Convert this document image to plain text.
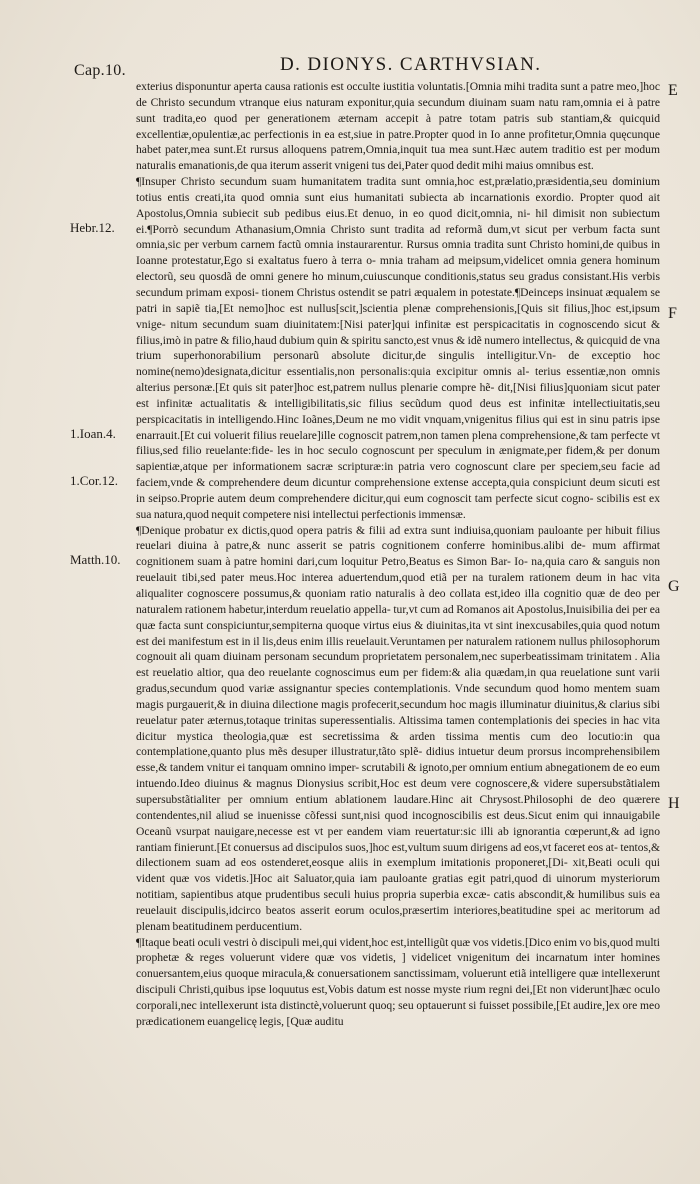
Cap.10.	D. DIONYS. CARTHVSIAN.
E
F
G
H
Hebr.12.
1.Ioan.4.
1.Cor.12.
Matth.10.

exterius disponuntur aperta causa rationis est occulte iustitia voluntatis.[Omnia mihi tradita sunt a patre meo,]hoc de Christo secundum vtranque eius naturam exponitur,quia secundum diuinam suam natu ram,omnia ei à patre sunt tradita,eo quod per generationem æternam accepit à patre totam patris sub stantiam,& quicquid excellentiæ,opulentiæ,ac perfectionis in ea est,siue in patre.Propter quod in Io anne profitetur,Omnia quęcunque habet pater,mea sunt.Et rursus alloquens patrem,Omnia,inquit tua mea sunt.Hæc autem traditio est per modum naturalis emanationis,de qua iterum asserit vnigeni tus dei,Pater quod dedit mihi maius omnibus est.

¶Insuper Christo secundum suam humanitatem tradita sunt omnia,hoc est,prælatio,præsidentia,seu dominium totius entis creati,ita quod omnia sunt eius humanitati subiecta ab incarnationis exordio. Propter quod ait Apostolus,Omnia subiecit sub pedibus eius.Et denuo, in eo quod dicit,omnia, ni- hil dimisit non subiectum ei.¶Porrò secundum Athanasium,Omnia Christo sunt tradita ad reformã dum,vt sicut per verbum facta sunt omnia,sic per verbum carnem factũ omnia instaurarentur. Rursus omnia tradita sunt Christo homini,de quibus in Ioanne protestatur,Ego si exaltatus fuero à terra o- mnia traham ad meipsum,videlicet omnia genera hominum electorũ, seu quosdã de omni genere ho minum,cuiuscunque conditionis,status seu gradus consistant.His verbis secundum primam exposi- tionem Christus ostendit se patri æqualem in potestate.¶Deinceps insinuat æqualem se patri in sapiẽ tia,[Et nemo]hoc est nullus[scit,]scientia plenæ comprehensionis,[Quis sit filius,]hoc est,ipsum vnige- nitum secundum suam diuinitatem:[Nisi pater]qui infinitæ est perspicacitatis in cognoscendo sicut & filius,imò in patre & filio,haud dubium quin & spiritu sancto,est vnus & idẽ numero intellectus, & quicquid de vna trium superhonorabilium personarũ absolute dicitur,de singulis intelligitur.Vn- de exceptio hoc nomine(nemo)designata,dicitur essentialis,non personalis:quia excipitur omnis al- terius essentiæ,non omnis alterius personæ.[Et quis sit pater]hoc est,patrem nullus plenarie compre hẽ- dit,[Nisi filius]quoniam sicut pater est infinitæ actualitatis & intelligibilitatis,sic filius secũdum quod deus est infinitæ intellectiuitatis,seu perspicacitatis in intelligendo.Hinc Ioãnes,Deum ne mo vidit vnquam,vnigenitus filius qui est in sinu patris ipse enarrauit.[Et cui voluerit filius reuelare]ille cognoscit patrem,non tamen plena comprehensione,& tam perfecte vt filius,sed filio reuelante:fide- les in hoc seculo cognoscunt per speculum in ænigmate,per fidem,& per donum sapientiæ,atque per informationem sacræ scripturæ:in patria vero cognoscunt clare per speciem,seu facie ad faciem,vnde & comprehendere deum dicuntur comprehensione extense accepta,quia conspiciunt deum sicuti est in seipso.Proprie autem deum comprehendere dicitur,qui eum cognoscit tam perfecte sicut cogno- scibilis est ex sua natura,quod nequit competere nisi intellectui perfectionis immensæ.

¶Denique probatur ex dictis,quod opera patris & filii ad extra sunt indiuisa,quoniam pauloante per hibuit filius reuelari diuina à patre,& nunc asserit se patris cognitionem conferre hominibus.alibi de- mum affirmat cognitionem suam à patre homini dari,cum loquitur Petro,Beatus es Simon Bar- Io- na,quia caro & sanguis non reuelauit tibi,sed pater meus.Hoc interea aduertendum,quod etiã per na turalem rationem deum in hac vita aliqualiter cognoscere possumus,& quoniam ratio naturalis à deo collata est,ideo illa cognitio quæ de deo per naturalem rationem habetur,interdum reuelatio appella- tur,vt cum ad Romanos ait Apostolus,Inuisibilia dei per ea quæ facta sunt conspiciuntur,sempiterna quoque virtus eius & diuinitas,ita vt sint inexcusabiles,quia quod notum est dei manifestum est in il lis,deus enim illis reuelauit.Veruntamen per naturalem rationem nullus philosophorum cognouit ali quam diuinam personam secundum proprietatem personalem,nec superbeatissimam trinitatem . Alia est reuelatio altior, qua deo reuelante cognoscimus eum per fidem:& alia quædam,in qua reuelatione sunt varii gradus,secundum quod variæ assignantur species contemplationis. Vnde secundum quod homo mentem suam magis purgauerit,& in diuina dilectione magis profecerit,secundum hoc magis illuminatur diuinitus,& clarius sibi reuelatur pater æternus,totaque trinitas superessentialis. Altissima tamen contemplationis dei species in hac vita dicitur mystica theologia,quæ est secretissima & arden tissima mentis cum deo locutio:in qua contemplatione,quanto plus mẽs desuper illustratur,tãto splẽ- didius intuetur deum prorsus incomprehensibilem esse,& tandem vnitur ei tanquam omnino imper- scrutabili & ignoto,per omnium entium abnegationem de eo eum intuendo.Ideo diuinus & magnus Dionysius scribit,Hoc est deum vere cognoscere,& videre supersubstãtialem supersubstãtialiter per omnium entium ablationem laudare.Hinc ait Chrysost.Philosophi de deo quærere contendentes,nil aliud se inuenisse cõfessi sunt,nisi quod incognoscibilis est deus.Sicut enim qui innauigabile Oceanũ vsurpat nauigare,necesse est vt per eandem viam reuertatur:sic illi ab ignorantia cœperunt,& ad igno rantiam finierunt.[Et conuersus ad discipulos suos,]hoc est,vultum suum dirigens ad eos,vt faceret eos at- tentos,& dilectionem suam ad eos ostenderet,eosque aliis in exemplum imitationis proponeret,[Di- xit,Beati oculi qui vident quæ vos videtis.]Hoc ait Saluator,quia iam pauloante gratias egit patri,quod di uinorum mysteriorum notitiam, sapientibus atque prudentibus seculi huius propria superbia excæ- catis abscondit,& humilibus suis ea reuelauit discipulis,idcirco beatos asserit eorum oculos,præsertim interiores,beatitudine spei ac meritorum ad plenam beatitudinem perducentium.

¶Itaque beati oculi vestri ò discipuli mei,qui vident,hoc est,intelligũt quæ vos videtis.[Dico enim vo bis,quod multi prophetæ & reges voluerunt videre quæ vos videtis, ] videlicet vnigenitum dei incarnatum inter homines conuersantem,eius quoque miracula,& conuersationem sanctissimam, voluerunt etiã intelligere quæ intellexerunt discipuli Christi,quibus ipse loquutus est,Vobis datum est nosse myste rium regni dei,[Et non viderunt]hæc oculo corporali,nec intellexerunt ista distinctè,voluerunt quoq; seu optauerunt si fuisset possibile,[Et audire,]ex ore meo prædicationem euangelicę legis, [Quæ auditu
